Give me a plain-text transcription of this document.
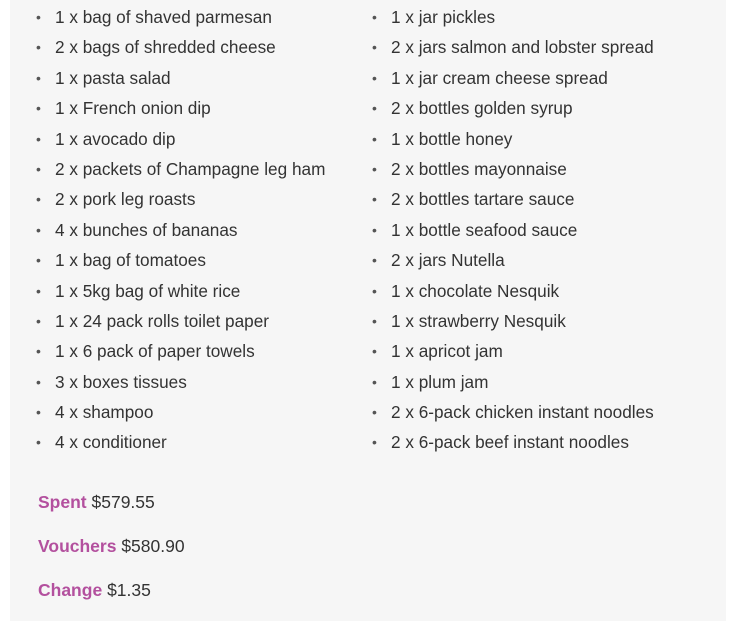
• 1 x bag of shaved parmesan
• 2 x bags of shredded cheese
• 1 x pasta salad
• 1 x French onion dip
• 1 x avocado dip
• 2 x packets of Champagne leg ham
• 2 x pork leg roasts
• 4 x bunches of bananas
• 1 x bag of tomatoes
• 1 x 5kg bag of white rice
• 1 x 24 pack rolls toilet paper
• 1 x 6 pack of paper towels
• 3 x boxes tissues
• 4 x shampoo
• 4 x conditioner
• 1 x jar pickles
• 2 x jars salmon and lobster spread
• 1 x jar cream cheese spread
• 2 x bottles golden syrup
• 1 x bottle honey
• 2 x bottles mayonnaise
• 2 x bottles tartare sauce
• 1 x bottle seafood sauce
• 2 x jars Nutella
• 1 x chocolate Nesquik
• 1 x strawberry Nesquik
• 1 x apricot jam
• 1 x plum jam
• 2 x 6-pack chicken instant noodles
• 2 x 6-pack beef instant noodles
Spent $579.55
Vouchers $580.90
Change $1.35
